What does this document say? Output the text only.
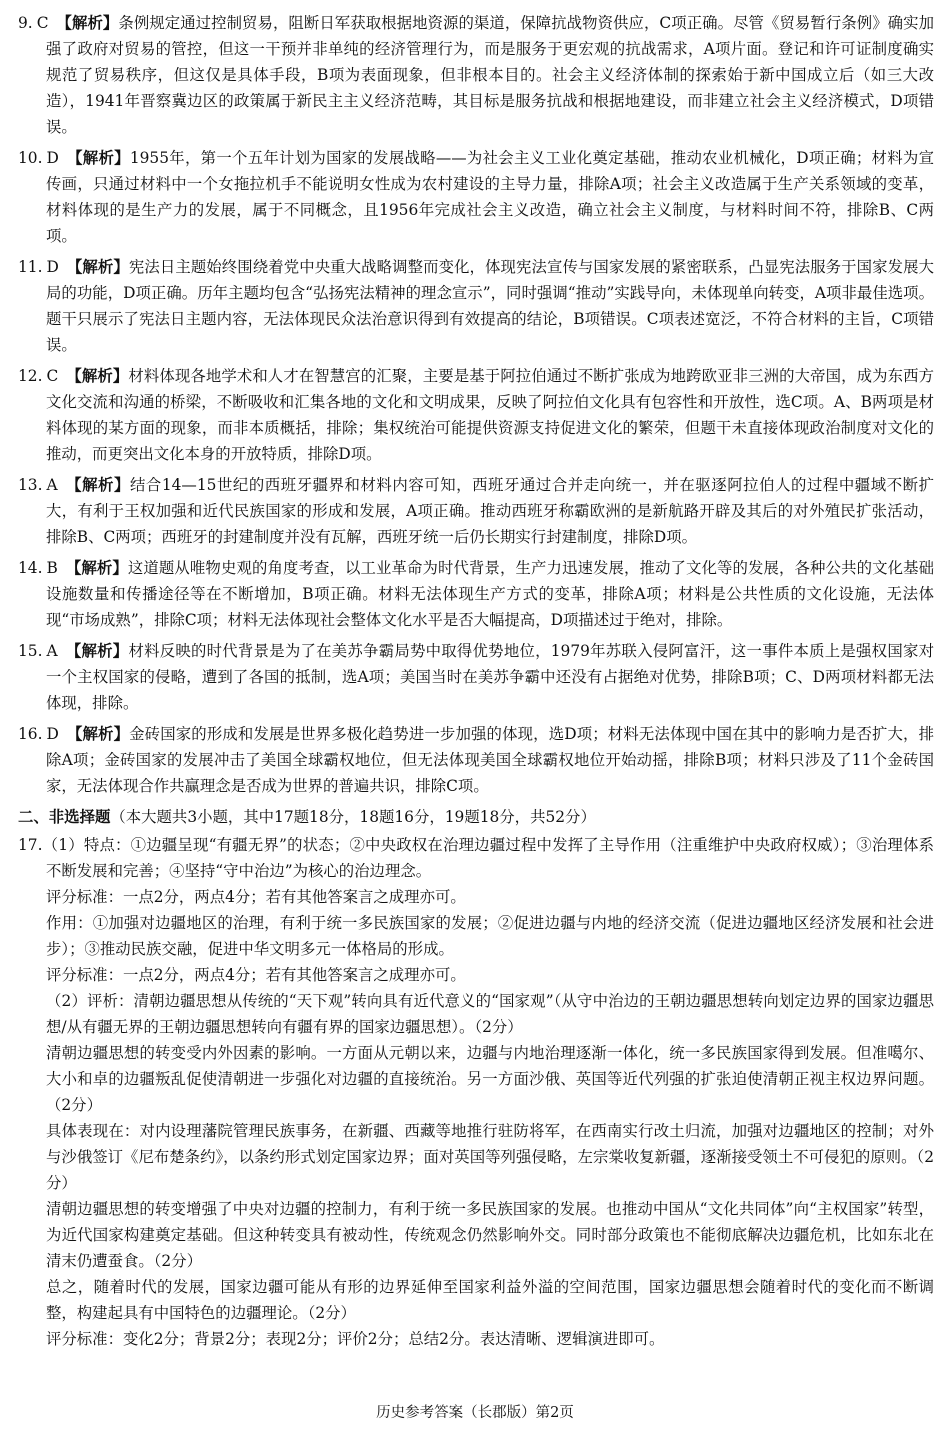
9. C 【解析】条例规定通过控制贸易，阻断日军获取根据地资源的渠道，保障抗战物资供应，C项正确。尽管《贸易暂行条例》确实加强了政府对贸易的管控，但这一干预并非单纯的经济管理行为，而是服务于更宏观的抗战需求，A项片面。登记和许可证制度确实规范了贸易秩序，但这仅是具体手段，B项为表面现象，但非根本目的。社会主义经济体制的探索始于新中国成立后（如三大改造），1941年晋察冀边区的政策属于新民主主义经济范畴，其目标是服务抗战和根据地建设，而非建立社会主义经济模式，D项错误。

10. D 【解析】1955年，第一个五年计划为国家的发展战略——为社会主义工业化奠定基础，推动农业机械化，D项正确；材料为宣传画，只通过材料中一个女拖拉机手不能说明女性成为农村建设的主导力量，排除A项；社会主义改造属于生产关系领域的变革，材料体现的是生产力的发展，属于不同概念，且1956年完成社会主义改造，确立社会主义制度，与材料时间不符，排除B、C两项。

11. D 【解析】宪法日主题始终围绕着党中央重大战略调整而变化，体现宪法宣传与国家发展的紧密联系，凸显宪法服务于国家发展大局的功能，D项正确。历年主题均包含“弘扬宪法精神的理念宣示”，同时强调“推动”实践导向，未体现单向转变，A项非最佳选项。题干只展示了宪法日主题内容，无法体现民众法治意识得到有效提高的结论，B项错误。C项表述宽泛，不符合材料的主旨，C项错误。

12. C 【解析】材料体现各地学术和人才在智慧宫的汇聚，主要是基于阿拉伯通过不断扩张成为地跨欧亚非三洲的大帝国，成为东西方文化交流和沟通的桥梁，不断吸收和汇集各地的文化和文明成果，反映了阿拉伯文化具有包容性和开放性，选C项。A、B两项是材料体现的某方面的现象，而非本质概括，排除；集权统治可能提供资源支持促进文化的繁荣，但题干未直接体现政治制度对文化的推动，而更突出文化本身的开放特质，排除D项。

13. A 【解析】结合14—15世纪的西班牙疆界和材料内容可知，西班牙通过合并走向统一，并在驱逐阿拉伯人的过程中疆域不断扩大，有利于王权加强和近代民族国家的形成和发展，A项正确。推动西班牙称霸欧洲的是新航路开辟及其后的对外殖民扩张活动，排除B、C两项；西班牙的封建制度并没有瓦解，西班牙统一后仍长期实行封建制度，排除D项。

14. B 【解析】这道题从唯物史观的角度考查，以工业革命为时代背景，生产力迅速发展，推动了文化等的发展，各种公共的文化基础设施数量和传播途径等在不断增加，B项正确。材料无法体现生产方式的变革，排除A项；材料是公共性质的文化设施，无法体现“市场成熟”，排除C项；材料无法体现社会整体文化水平是否大幅提高，D项描述过于绝对，排除。

15. A 【解析】材料反映的时代背景是为了在美苏争霸局势中取得优势地位，1979年苏联入侵阿富汗，这一事件本质上是强权国家对一个主权国家的侵略，遭到了各国的抵制，选A项；美国当时在美苏争霸中还没有占据绝对优势，排除B项；C、D两项材料都无法体现，排除。

16. D 【解析】金砖国家的形成和发展是世界多极化趋势进一步加强的体现，选D项；材料无法体现中国在其中的影响力是否扩大，排除A项；金砖国家的发展冲击了美国全球霸权地位，但无法体现美国全球霸权地位开始动摇，排除B项；材料只涉及了11个金砖国家，无法体现合作共赢理念是否成为世界的普遍共识，排除C项。

二、非选择题（本大题共3小题，其中17题18分，18题16分，19题18分，共52分）

17.（1）特点：①边疆呈现“有疆无界”的状态；②中央政权在治理边疆过程中发挥了主导作用（注重维护中央政府权威）；③治理体系不断发展和完善；④坚持“守中治边”为核心的治边理念。

评分标准：一点2分，两点4分；若有其他答案言之成理亦可。

作用：①加强对边疆地区的治理，有利于统一多民族国家的发展；②促进边疆与内地的经济交流（促进边疆地区经济发展和社会进步）；③推动民族交融，促进中华文明多元一体格局的形成。

评分标准：一点2分，两点4分；若有其他答案言之成理亦可。

（2）评析：清朝边疆思想从传统的“天下观”转向具有近代意义的“国家观”（从守中治边的王朝边疆思想转向划定边界的国家边疆思想/从有疆无界的王朝边疆思想转向有疆有界的国家边疆思想）。（2分）

清朝边疆思想的转变受内外因素的影响。一方面从元朝以来，边疆与内地治理逐渐一体化，统一多民族国家得到发展。但准噶尔、大小和卓的边疆叛乱促使清朝进一步强化对边疆的直接统治。另一方面沙俄、英国等近代列强的扩张迫使清朝正视主权边界问题。（2分）

具体表现在：对内设理藩院管理民族事务，在新疆、西藏等地推行驻防将军，在西南实行改土归流，加强对边疆地区的控制；对外与沙俄签订《尼布楚条约》，以条约形式划定国家边界；面对英国等列强侵略，左宗棠收复新疆，逐渐接受领土不可侵犯的原则。（2分）

清朝边疆思想的转变增强了中央对边疆的控制力，有利于统一多民族国家的发展。也推动中国从“文化共同体”向“主权国家”转型，为近代国家构建奠定基础。但这种转变具有被动性，传统观念仍然影响外交。同时部分政策也不能彻底解决边疆危机，比如东北在清末仍遭蚕食。（2分）

总之，随着时代的发展，国家边疆可能从有形的边界延伸至国家利益外溢的空间范围，国家边疆思想会随着时代的变化而不断调整，构建起具有中国特色的边疆理论。（2分）

评分标准：变化2分；背景2分；表现2分；评价2分；总结2分。表达清晰、逻辑演进即可。

历史参考答案（长郡版）第2页
